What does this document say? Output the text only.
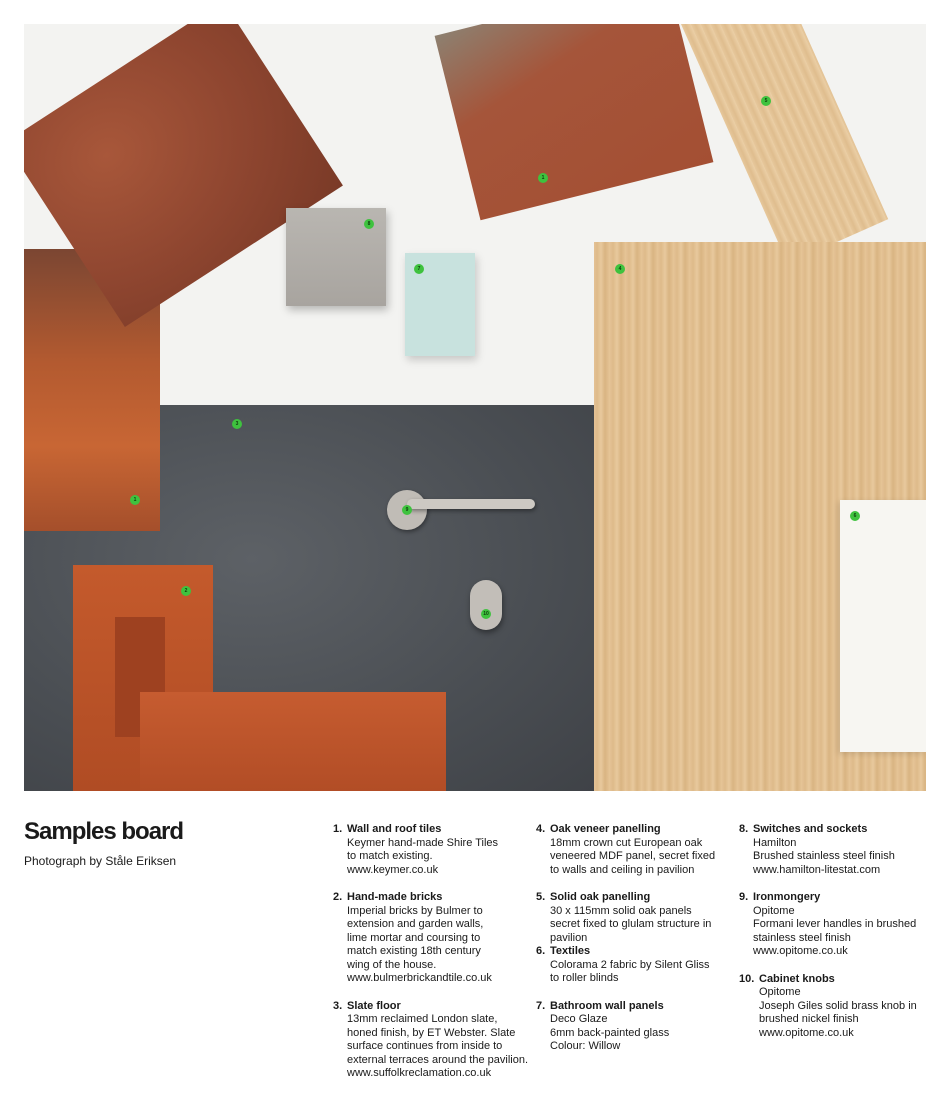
1
1
2
3
4
5
6
7
8
9
10
Samples board

Photograph by Ståle Eriksen

1. Wall and roof tiles
Keymer hand-made Shire Tiles
to match existing.
www.keymer.co.uk
2. Hand-made bricks
Imperial bricks by Bulmer to
extension and garden walls,
lime mortar and coursing to
match existing 18th century
wing of the house.
www.bulmerbrickandtile.co.uk
3. Slate floor
13mm reclaimed London slate,
honed finish, by ET Webster. Slate
surface continues from inside to
external terraces around the pavilion.
www.suffolkreclamation.co.uk
4. Oak veneer panelling
18mm crown cut European oak
veneered MDF panel, secret fixed
to walls and ceiling in pavilion
5. Solid oak panelling
30 x 115mm solid oak panels
secret fixed to glulam structure in
pavilion
6. Textiles
Colorama 2 fabric by Silent Gliss
to roller blinds
7. Bathroom wall panels
Deco Glaze
6mm back-painted glass
Colour: Willow
8. Switches and sockets
Hamilton
Brushed stainless steel finish
www.hamilton-litestat.com
9. Ironmongery
Opitome
Formani lever handles in brushed
stainless steel finish
www.opitome.co.uk
10. Cabinet knobs
Opitome
Joseph Giles solid brass knob in
brushed nickel finish
www.opitome.co.uk
